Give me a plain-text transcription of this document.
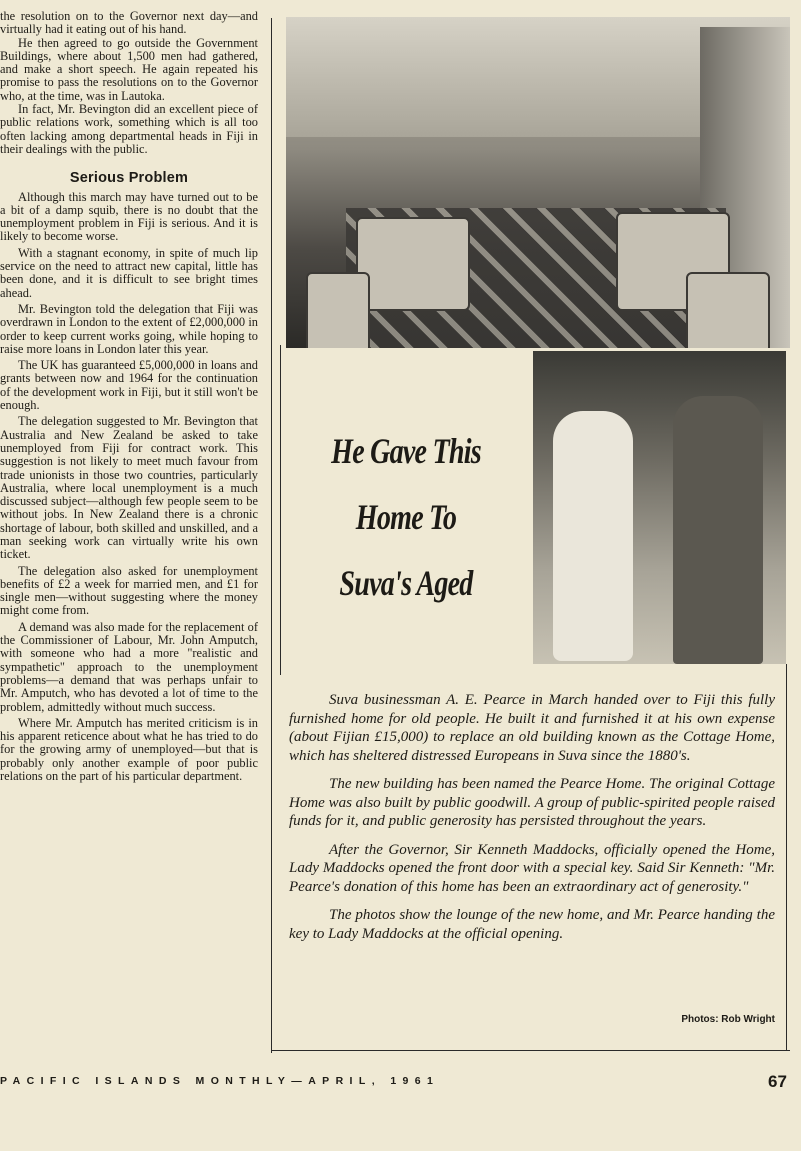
the resolution on to the Governor next day—and virtually had it eating out of his hand.

He then agreed to go outside the Government Buildings, where about 1,500 men had gathered, and make a short speech. He again repeated his promise to pass the resolutions on to the Governor who, at the time, was in Lautoka.

In fact, Mr. Bevington did an excellent piece of public relations work, something which is all too often lacking among departmental heads in Fiji in their dealings with the public.

Serious Problem

Although this march may have turned out to be a bit of a damp squib, there is no doubt that the unemployment problem in Fiji is serious. And it is likely to become worse.

With a stagnant economy, in spite of much lip service on the need to attract new capital, little has been done, and it is difficult to see bright times ahead.

Mr. Bevington told the delegation that Fiji was overdrawn in London to the extent of £2,000,000 in order to keep current works going, while hoping to raise more loans in London later this year.

The UK has guaranteed £5,000,000 in loans and grants between now and 1964 for the continuation of the development work in Fiji, but it still won't be enough.

The delegation suggested to Mr. Bevington that Australia and New Zealand be asked to take unemployed from Fiji for contract work. This suggestion is not likely to meet much favour from trade unionists in those two countries, particularly Australia, where local unemployment is a much discussed subject—although few people seem to be without jobs. In New Zealand there is a chronic shortage of labour, both skilled and unskilled, and a man seeking work can virtually write his own ticket.

The delegation also asked for unemployment benefits of £2 a week for married men, and £1 for single men—without suggesting where the money might come from.

A demand was also made for the replacement of the Commissioner of Labour, Mr. John Amputch, with someone who had a more "realistic and sympathetic" approach to the unemployment problems—a demand that was perhaps unfair to Mr. Amputch, who has devoted a lot of time to the problem, admittedly without much success.

Where Mr. Amputch has merited criticism is in his apparent reticence about what he has tried to do for the growing army of unemployed—but that is probably only another example of poor public relations on the part of his particular department.

He Gave This
Home To
Suva's Aged

Suva businessman A. E. Pearce in March handed over to Fiji this fully furnished home for old people. He built it and furnished it at his own expense (about Fijian £15,000) to replace an old building known as the Cottage Home, which has sheltered distressed Europeans in Suva since the 1880's.

The new building has been named the Pearce Home. The original Cottage Home was also built by public goodwill. A group of public-spirited people raised funds for it, and public generosity has persisted throughout the years.

After the Governor, Sir Kenneth Maddocks, officially opened the Home, Lady Maddocks opened the front door with a special key. Said Sir Kenneth: "Mr. Pearce's donation of this home has been an extraordinary act of generosity."

The photos show the lounge of the new home, and Mr. Pearce handing the key to Lady Maddocks at the official opening.

Photos: Rob Wright
PACIFIC ISLANDS MONTHLY—APRIL, 1961	67
